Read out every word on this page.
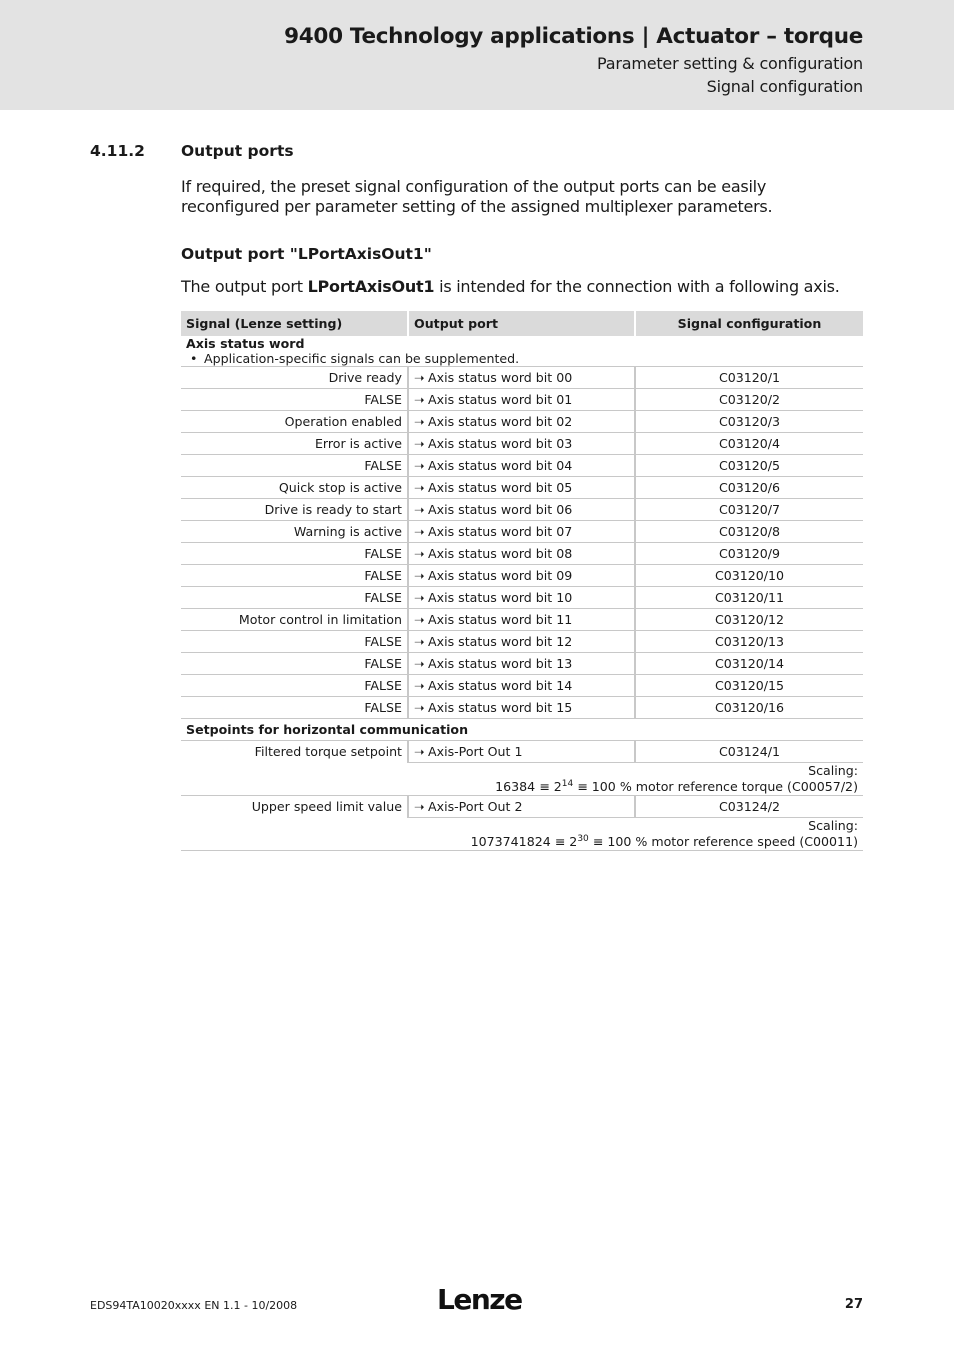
9400 Technology applications | Actuator – torque
Parameter setting & configuration
Signal configuration
4.11.2 Output ports
If required, the preset signal configuration of the output ports can be easily reconfigured per parameter setting of the assigned multiplexer parameters.
Output port "LPortAxisOut1"
The output port LPortAxisOut1 is intended for the connection with a following axis.
Signal (Lenze setting)	Output port	Signal configuration
Axis status word
• Application-specific signals can be supplemented.		

Drive ready	➝ Axis status word bit 00	C03120/1
FALSE	➝ Axis status word bit 01	C03120/2
Operation enabled	➝ Axis status word bit 02	C03120/3
Error is active	➝ Axis status word bit 03	C03120/4
FALSE	➝ Axis status word bit 04	C03120/5
Quick stop is active	➝ Axis status word bit 05	C03120/6
Drive is ready to start	➝ Axis status word bit 06	C03120/7
Warning is active	➝ Axis status word bit 07	C03120/8
FALSE	➝ Axis status word bit 08	C03120/9
FALSE	➝ Axis status word bit 09	C03120/10
FALSE	➝ Axis status word bit 10	C03120/11
Motor control in limitation	➝ Axis status word bit 11	C03120/12
FALSE	➝ Axis status word bit 12	C03120/13
FALSE	➝ Axis status word bit 13	C03120/14
FALSE	➝ Axis status word bit 14	C03120/15
FALSE	➝ Axis status word bit 15	C03120/16
Setpoints for horizontal communication		
Filtered torque setpoint	➝ Axis-Port Out 1	C03124/1

	Scaling:
$16384 \equiv 2^{14} \equiv 100$ % motor reference torque (C00057/2)	

Upper speed limit value	➝ Axis-Port Out 2	C03124/2

	Scaling:
$1073741824 \equiv 2^{30} \equiv 100$ % motor reference speed (C00011)	
EDS94TA10020xxxx EN 1.1 - 10/2008	Lenze	27
